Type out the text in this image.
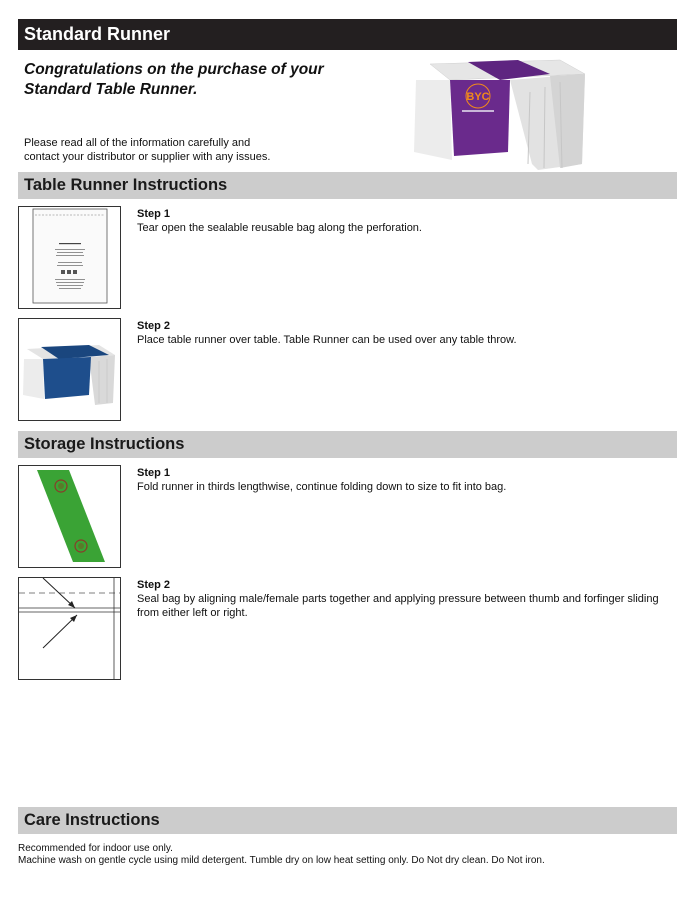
Standard Runner
Congratulations on the purchase of your
Standard Table Runner.
Please read all of the information carefully and
contact your distributor or supplier with any issues.
BYC
Table Runner Instructions
Step 1
Tear open the sealable reusable bag along the perforation.
Step 2
Place table runner over table. Table Runner can be used over any table throw.
Storage Instructions
Step 1
Fold runner in thirds lengthwise, continue folding down to size to fit into bag.
Step 2
Seal bag by aligning male/female parts together and applying pressure between thumb and forfinger sliding from either left or right.
Care Instructions
Recommended for indoor use only.
Machine wash on gentle cycle using mild detergent. Tumble dry on low heat setting only. Do Not dry clean. Do Not iron.
